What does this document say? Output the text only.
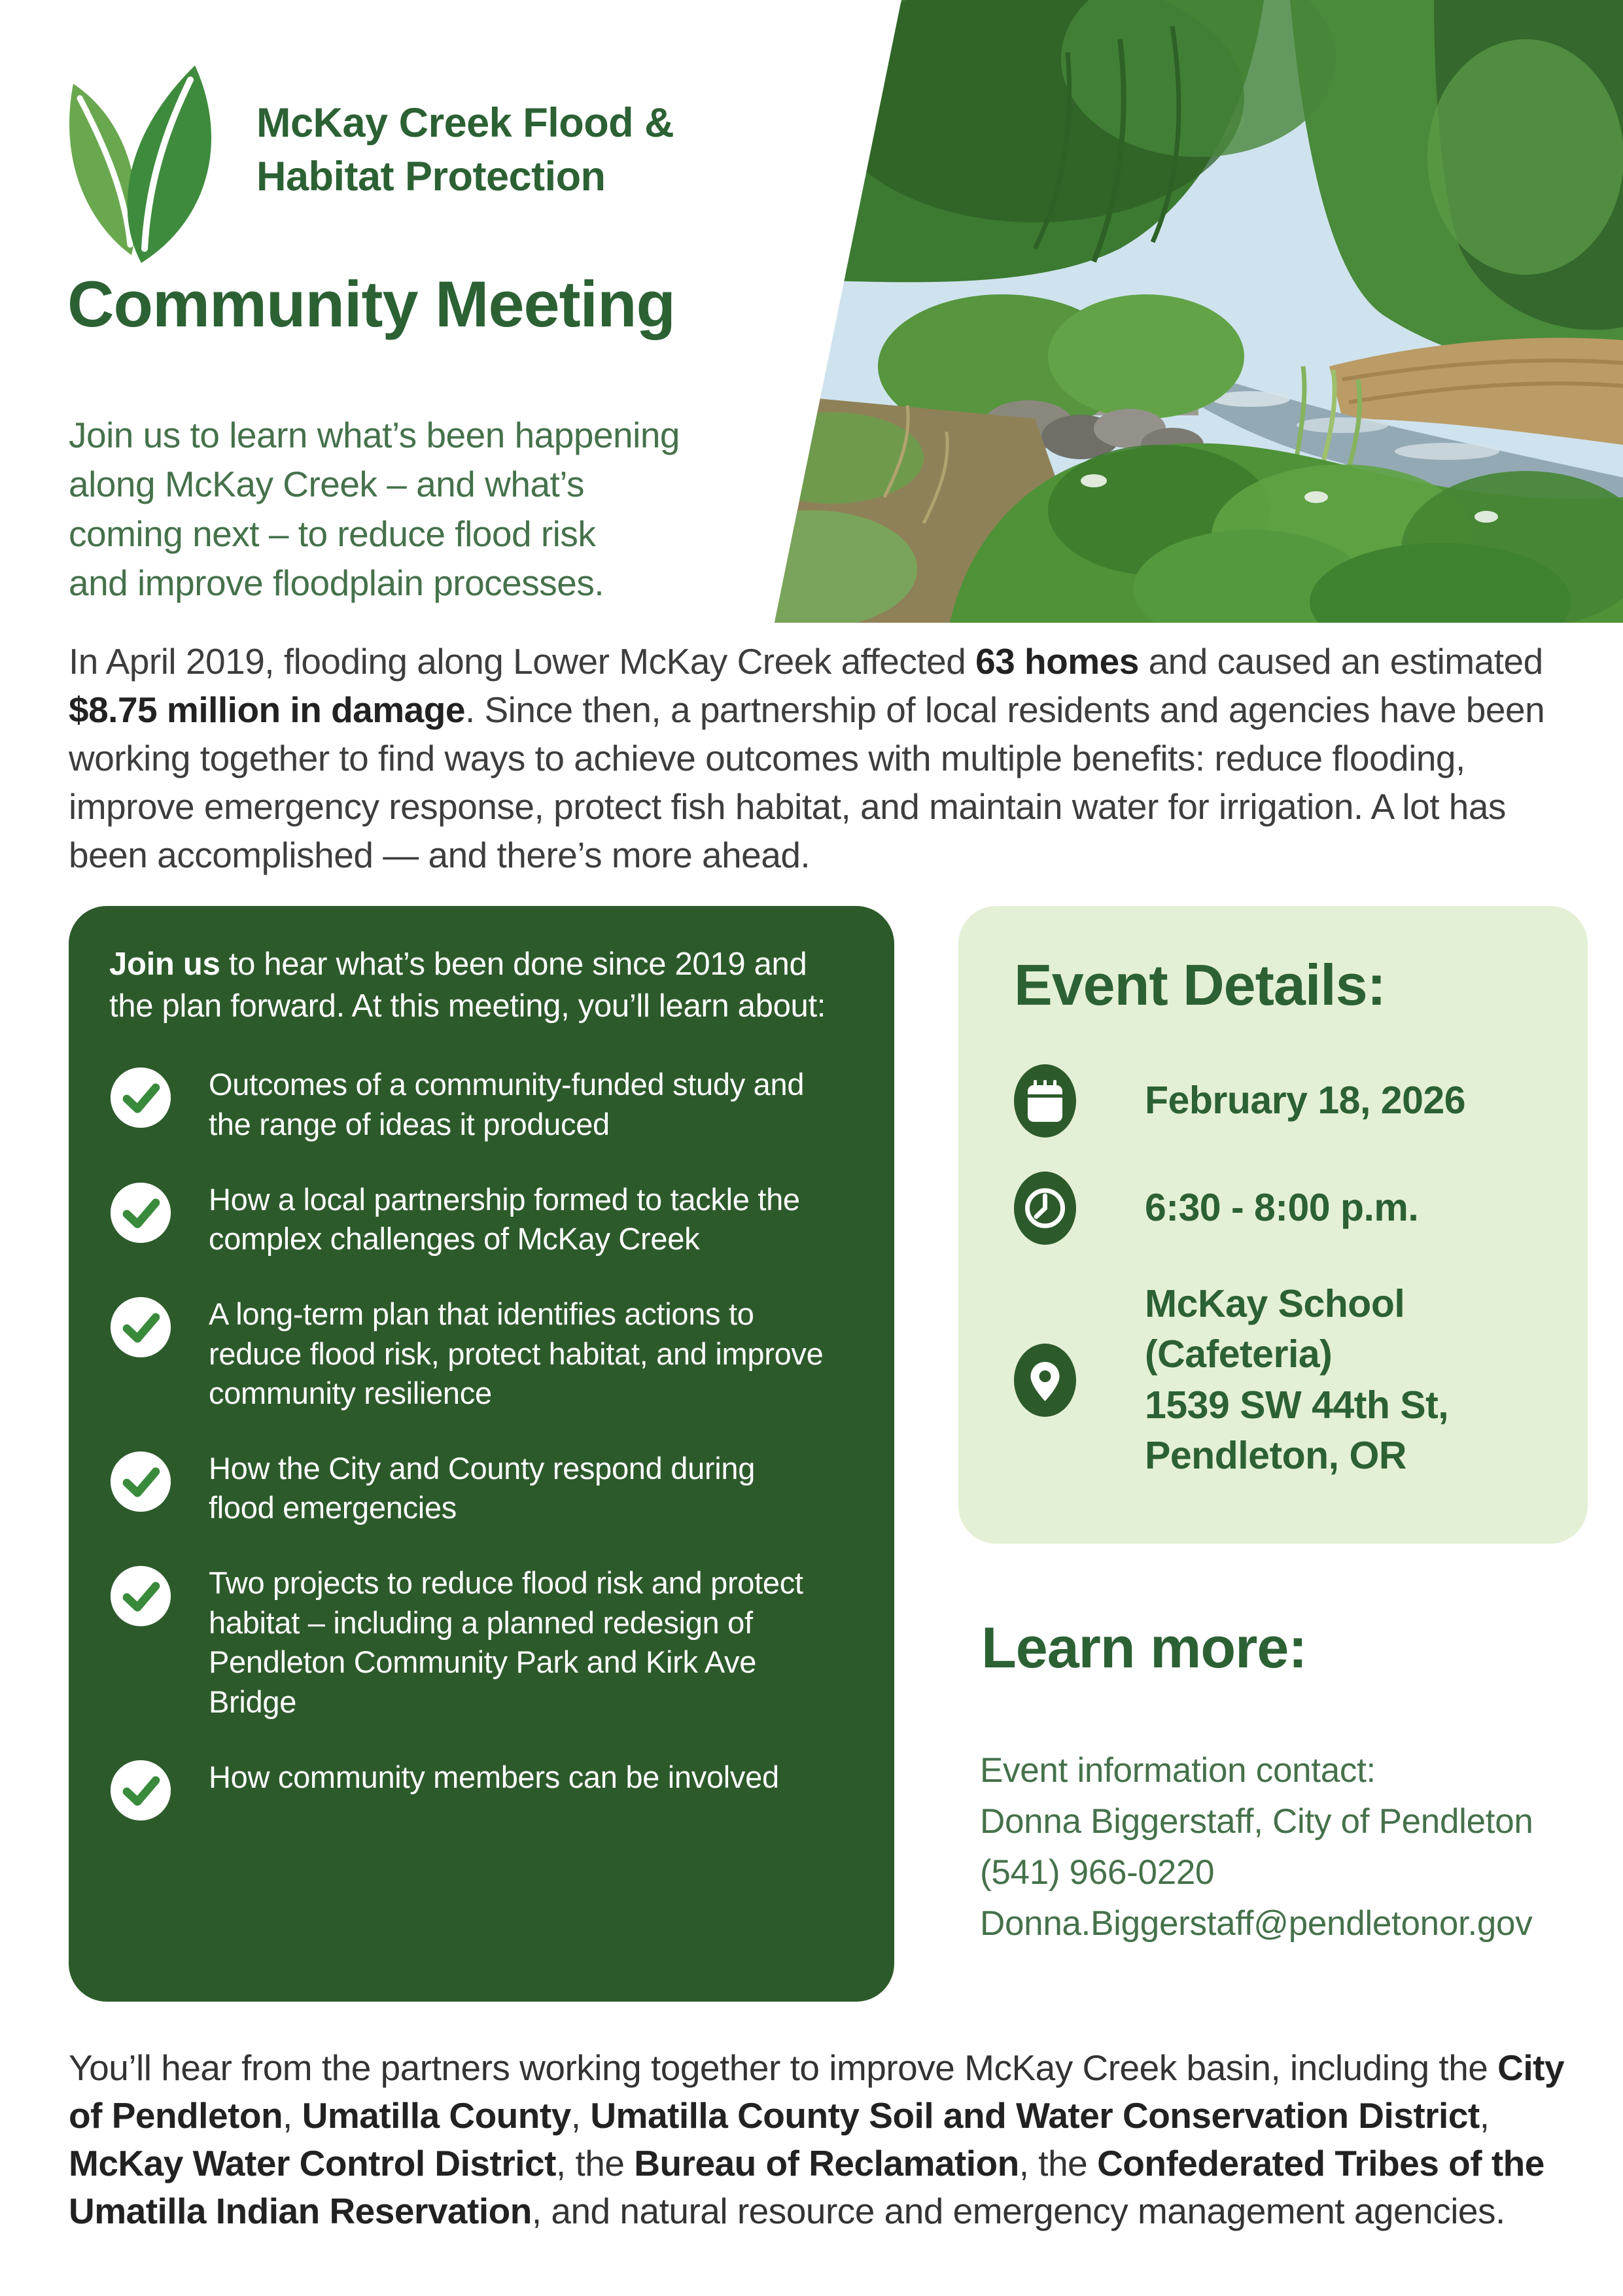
McKay Creek Flood &
Habitat Protection
Community Meeting
Join us to learn what’s been happening
along McKay Creek – and what’s
coming next – to reduce flood risk
and improve floodplain processes.

In April 2019, flooding along Lower McKay Creek affected 63 homes and caused an estimated $8.75 million in damage. Since then, a partnership of local residents and agencies have been working together to find ways to achieve outcomes with multiple benefits: reduce flooding, improve emergency response, protect fish habitat, and maintain water for irrigation. A lot has been accomplished — and there’s more ahead.

Join us to hear what’s been done since 2019 and the plan forward. At this meeting, you’ll learn about:

Outcomes of a community-funded study and the range of ideas it produced
How a local partnership formed to tackle the complex challenges of McKay Creek
A long-term plan that identifies actions to reduce flood risk, protect habitat, and improve community resilience
How the City and County respond during flood emergencies
Two projects to reduce flood risk and protect habitat – including a planned redesign of Pendleton Community Park and Kirk Ave Bridge
How community members can be involved
Event Details:
February 18, 2026
6:30 - 8:00 p.m.
McKay School
(Cafeteria)
1539 SW 44th St,
Pendleton, OR
Learn more:
Event information contact:
Donna Biggerstaff, City of Pendleton
(541) 966-0220
Donna.Biggerstaff@pendletonor.gov

You’ll hear from the partners working together to improve McKay Creek basin, including the City of Pendleton, Umatilla County, Umatilla County Soil and Water Conservation District, McKay Water Control District, the Bureau of Reclamation, the Confederated Tribes of the Umatilla Indian Reservation, and natural resource and emergency management agencies.
